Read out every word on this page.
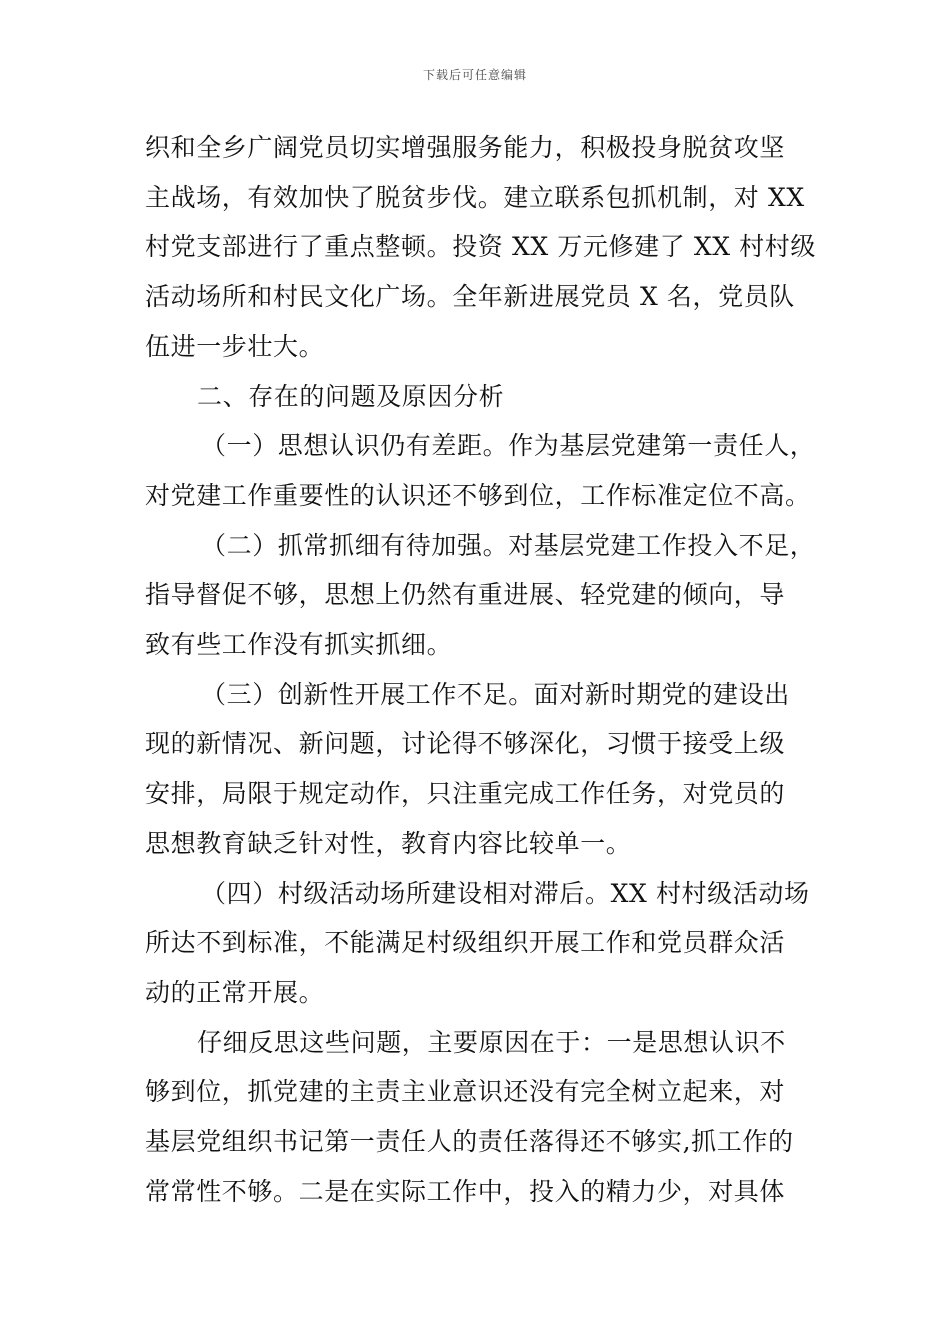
下载后可任意编辑
织和全乡广阔党员切实增强服务能力，积极投身脱贫攻坚
主战场，有效加快了脱贫步伐。建立联系包抓机制，对 XX
村党支部进行了重点整顿。投资 XX 万元修建了 XX 村村级
活动场所和村民文化广场。全年新进展党员 X 名，党员队
伍进一步壮大。
二、存在的问题及原因分析
（一）思想认识仍有差距。作为基层党建第一责任人，
对党建工作重要性的认识还不够到位，工作标准定位不高。
（二）抓常抓细有待加强。对基层党建工作投入不足，
指导督促不够，思想上仍然有重进展、轻党建的倾向，导
致有些工作没有抓实抓细。
（三）创新性开展工作不足。面对新时期党的建设出
现的新情况、新问题，讨论得不够深化，习惯于接受上级
安排，局限于规定动作，只注重完成工作任务，对党员的
思想教育缺乏针对性，教育内容比较单一。
（四）村级活动场所建设相对滞后。XX 村村级活动场
所达不到标准，不能满足村级组织开展工作和党员群众活
动的正常开展。
仔细反思这些问题，主要原因在于：一是思想认识不
够到位，抓党建的主责主业意识还没有完全树立起来，对
基层党组织书记第一责任人的责任落得还不够实,抓工作的
常常性不够。二是在实际工作中，投入的精力少，对具体
